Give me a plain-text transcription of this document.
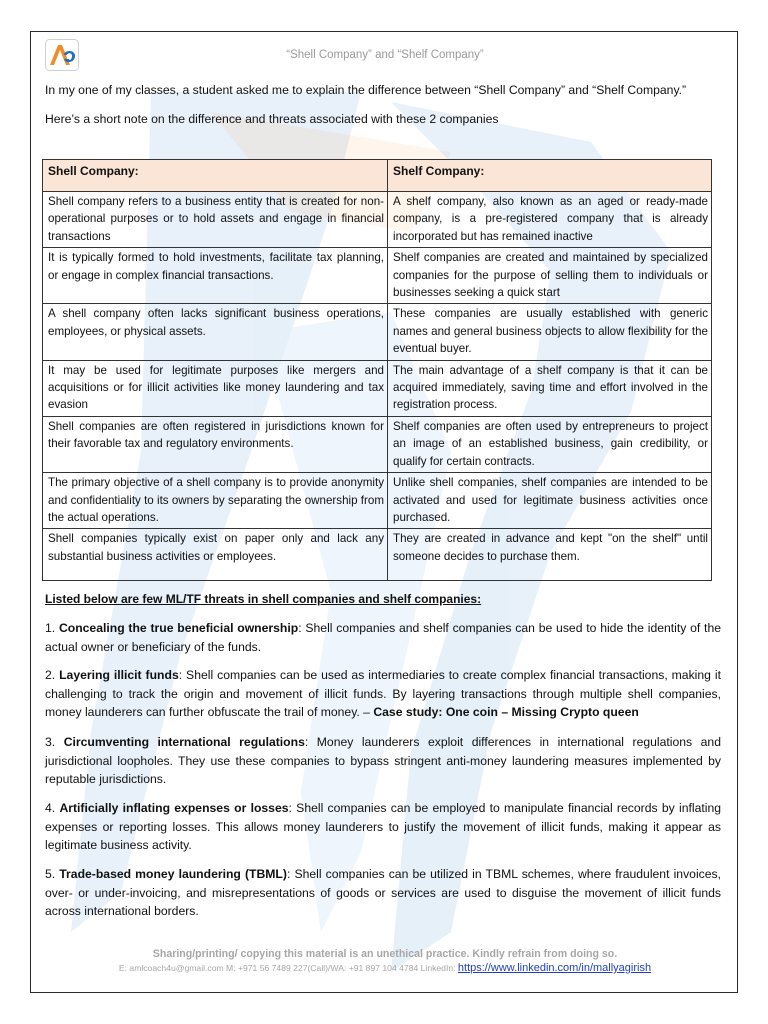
“Shell Company” and “Shelf Company”
In my one of my classes, a student asked me to explain the difference between “Shell Company” and “Shelf Company.”
Here’s a short note on the difference and threats associated with these 2 companies
Shell Company:	Shelf Company:
Shell company refers to a business entity that is created for non-operational purposes or to hold assets and engage in financial transactions	A shelf company, also known as an aged or ready-made company, is a pre-registered company that is already incorporated but has remained inactive
It is typically formed to hold investments, facilitate tax planning, or engage in complex financial transactions.	Shelf companies are created and maintained by specialized companies for the purpose of selling them to individuals or businesses seeking a quick start
A shell company often lacks significant business operations, employees, or physical assets.	These companies are usually established with generic names and general business objects to allow flexibility for the eventual buyer.
It may be used for legitimate purposes like mergers and acquisitions or for illicit activities like money laundering and tax evasion	The main advantage of a shelf company is that it can be acquired immediately, saving time and effort involved in the registration process.
Shell companies are often registered in jurisdictions known for their favorable tax and regulatory environments.	Shelf companies are often used by entrepreneurs to project an image of an established business, gain credibility, or qualify for certain contracts.
The primary objective of a shell company is to provide anonymity and confidentiality to its owners by separating the ownership from the actual operations.	Unlike shell companies, shelf companies are intended to be activated and used for legitimate business activities once purchased.
Shell companies typically exist on paper only and lack any substantial business activities or employees.	They are created in advance and kept "on the shelf" until someone decides to purchase them.
Listed below are few ML/TF threats in shell companies and shelf companies:
1. Concealing the true beneficial ownership: Shell companies and shelf companies can be used to hide the identity of the actual owner or beneficiary of the funds.
2. Layering illicit funds: Shell companies can be used as intermediaries to create complex financial transactions, making it challenging to track the origin and movement of illicit funds. By layering transactions through multiple shell companies, money launderers can further obfuscate the trail of money. – Case study: One coin – Missing Crypto queen
3. Circumventing international regulations: Money launderers exploit differences in international regulations and jurisdictional loopholes. They use these companies to bypass stringent anti-money laundering measures implemented by reputable jurisdictions.
4. Artificially inflating expenses or losses: Shell companies can be employed to manipulate financial records by inflating expenses or reporting losses. This allows money launderers to justify the movement of illicit funds, making it appear as legitimate business activity.
5. Trade-based money laundering (TBML): Shell companies can be utilized in TBML schemes, where fraudulent invoices, over- or under-invoicing, and misrepresentations of goods or services are used to disguise the movement of illicit funds across international borders.
Sharing/printing/ copying this material is an unethical practice. Kindly refrain from doing so.
E: amlcoach4u@gmail.com M: +971 56 7489 227(Call)/WA: +91 897 104 4784 LinkedIn: https://www.linkedin.com/in/mallyagirish
